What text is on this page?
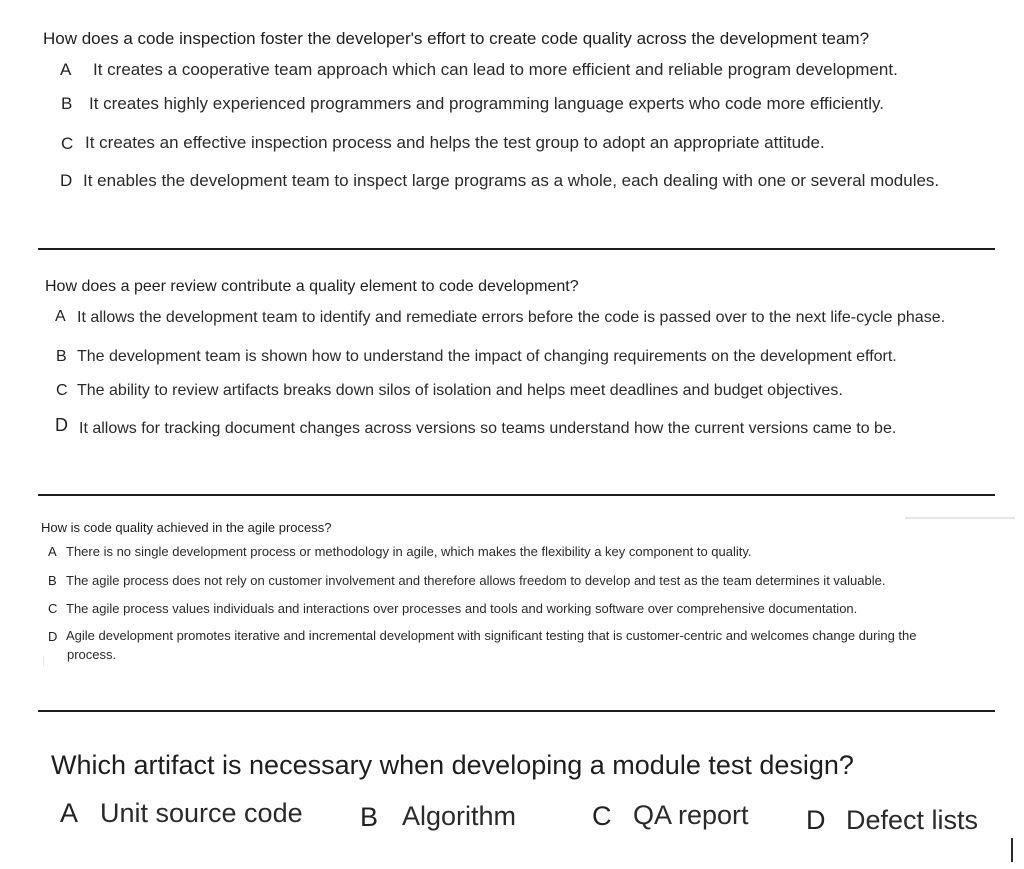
How does a code inspection foster the developer's effort to create code quality across the development team?
A It creates a cooperative team approach which can lead to more efficient and reliable program development.
B It creates highly experienced programmers and programming language experts who code more efficiently.
C It creates an effective inspection process and helps the test group to adopt an appropriate attitude.
D It enables the development team to inspect large programs as a whole, each dealing with one or several modules.
How does a peer review contribute a quality element to code development?
A It allows the development team to identify and remediate errors before the code is passed over to the next life-cycle phase.
B The development team is shown how to understand the impact of changing requirements on the development effort.
C The ability to review artifacts breaks down silos of isolation and helps meet deadlines and budget objectives.
D It allows for tracking document changes across versions so teams understand how the current versions came to be.
How is code quality achieved in the agile process?
A There is no single development process or methodology in agile, which makes the flexibility a key component to quality.
B The agile process does not rely on customer involvement and therefore allows freedom to develop and test as the team determines it valuable.
C The agile process values individuals and interactions over processes and tools and working software over comprehensive documentation.
D Agile development promotes iterative and incremental development with significant testing that is customer-centric and welcomes change during the
process.
Which artifact is necessary when developing a module test design?
A Unit source code B Algorithm	C QA report D Defect lists
